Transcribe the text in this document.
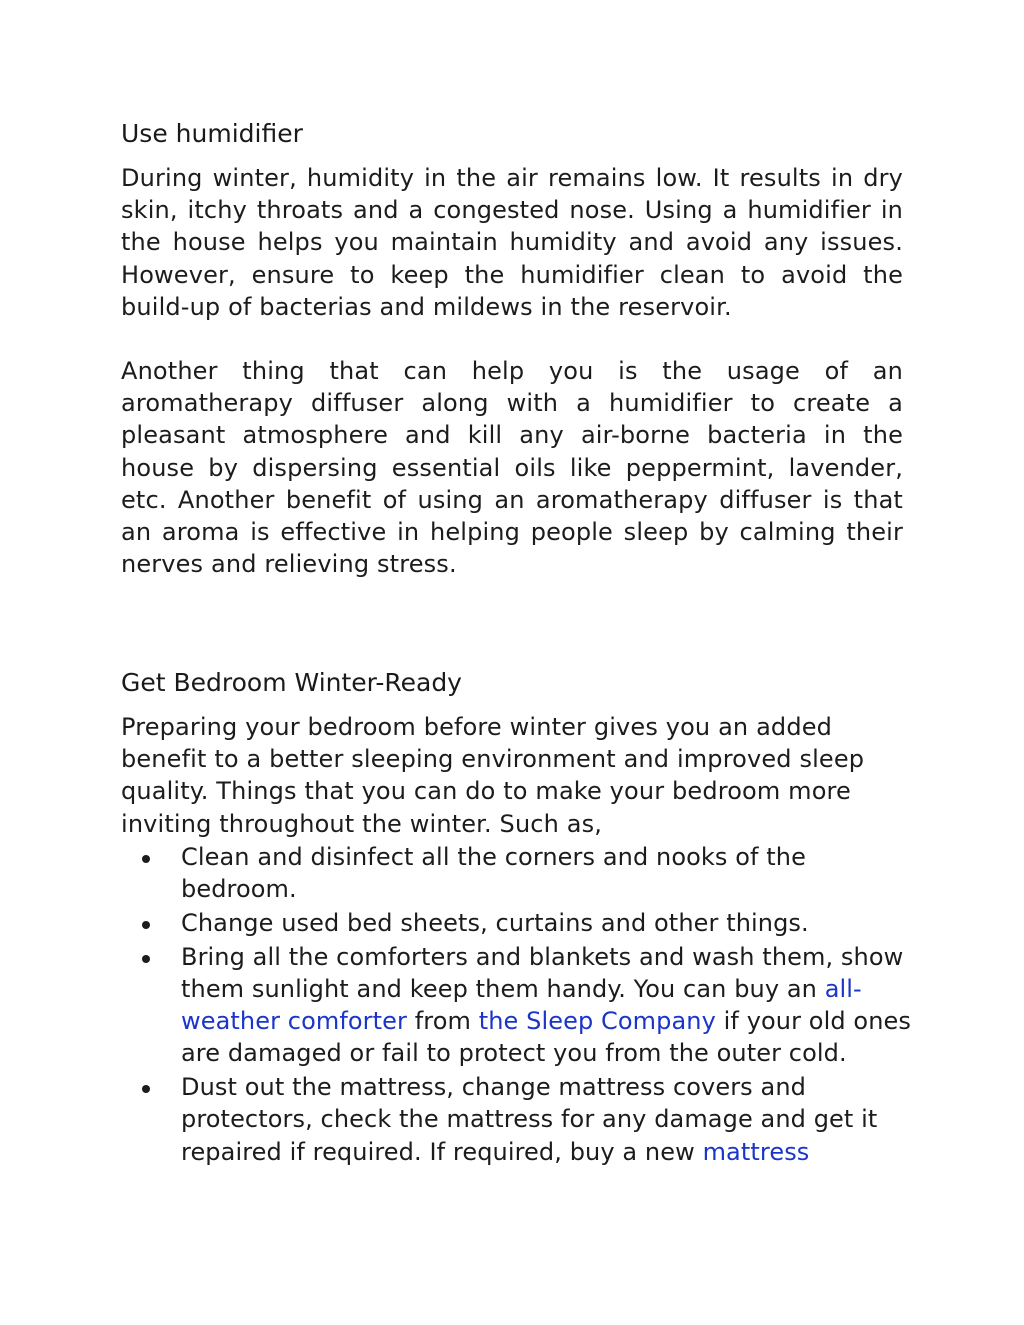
Use humidifier

During winter, humidity in the air remains low. It results in dry skin, itchy throats and a congested nose. Using a humidifier in the house helps you maintain humidity and avoid any issues. However, ensure to keep the humidifier clean to avoid the build-up of bacterias and mildews in the reservoir.

Another thing that can help you is the usage of an aromatherapy diffuser along with a humidifier to create a pleasant atmosphere and kill any air-borne bacteria in the house by dispersing essential oils like peppermint, lavender, etc. Another benefit of using an aromatherapy diffuser is that an aroma is effective in helping people sleep by calming their nerves and relieving stress.

Get Bedroom Winter-Ready

Preparing your bedroom before winter gives you an added benefit to a better sleeping environment and improved sleep quality. Things that you can do to make your bedroom more inviting throughout the winter. Such as,

Clean and disinfect all the corners and nooks of the bedroom.
Change used bed sheets, curtains and other things.
Bring all the comforters and blankets and wash them, show them sunlight and keep them handy. You can buy an all-weather comforter from the Sleep Company if your old ones are damaged or fail to protect you from the outer cold.
Dust out the mattress, change mattress covers and protectors, check the mattress for any damage and get it repaired if required. If required, buy a new mattress
